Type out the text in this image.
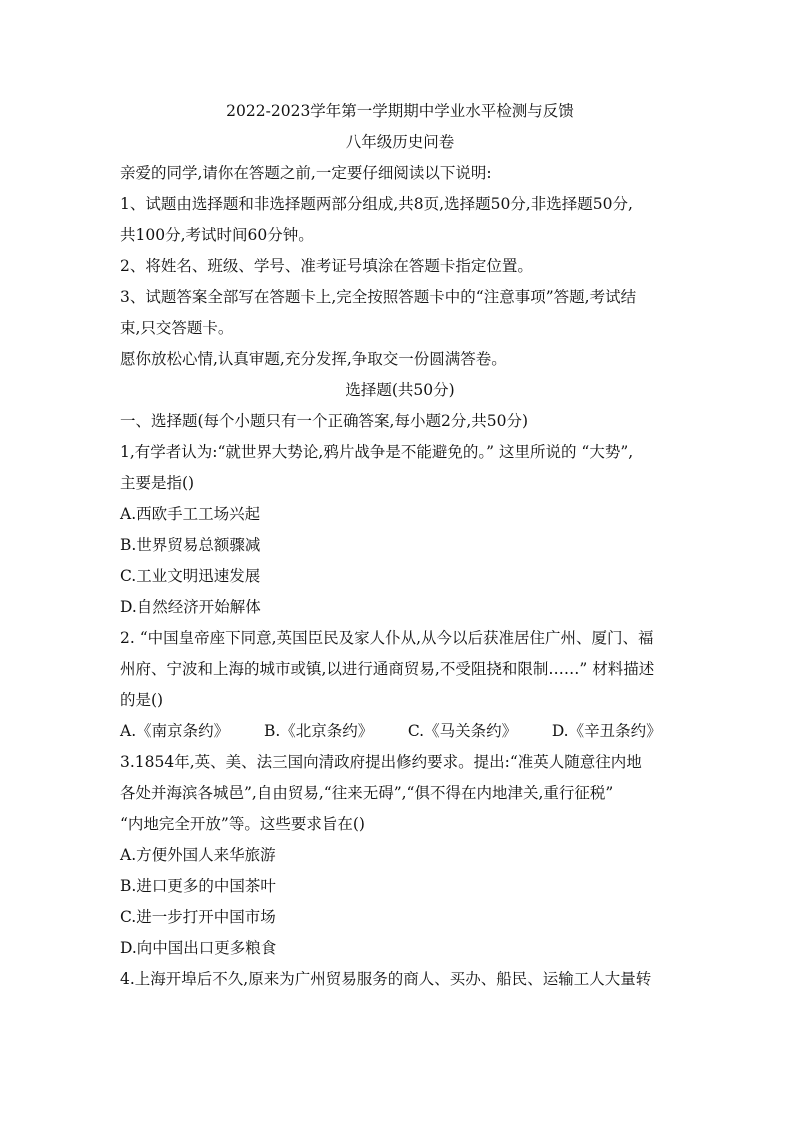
2022-2023学年第一学期期中学业水平检测与反馈
八年级历史问卷
亲爱的同学,请你在答题之前,一定要仔细阅读以下说明:
1、试题由选择题和非选择题两部分组成,共8页,选择题50分,非选择题50分,
共100分,考试时间60分钟。
2、将姓名、班级、学号、准考证号填涂在答题卡指定位置。
3、试题答案全部写在答题卡上,完全按照答题卡中的“注意事项”答题,考试结
束,只交答题卡。
愿你放松心情,认真审题,充分发挥,争取交一份圆满答卷。
选择题(共50分)
一、选择题(每个小题只有一个正确答案,每小题2分,共50分)
1,有学者认为:“就世界大势论,鸦片战争是不能避免的。” 这里所说的 “大势”,
主要是指()
A.西欧手工工场兴起
B.世界贸易总额骤减
C.工业文明迅速发展
D.自然经济开始解体
2. “中国皇帝座下同意,英国臣民及家人仆从,从今以后获准居住广州、厦门、福
州府、宁波和上海的城市或镇,以进行通商贸易,不受阻挠和限制……” 材料描述
的是()
A.《南京条约》	B.《北京条约》	C.《马关条约》	D.《辛丑条约》
3.1854年,英、美、法三国向清政府提出修约要求。提出:“准英人随意往内地
各处并海滨各城邑”,自由贸易,“往来无碍”,“俱不得在内地津关,重行征税”
“内地完全开放”等。这些要求旨在()
A.方便外国人来华旅游
B.进口更多的中国茶叶
C.进一步打开中国市场
D.向中国出口更多粮食
4.上海开埠后不久,原来为广州贸易服务的商人、买办、船民、运输工人大量转
